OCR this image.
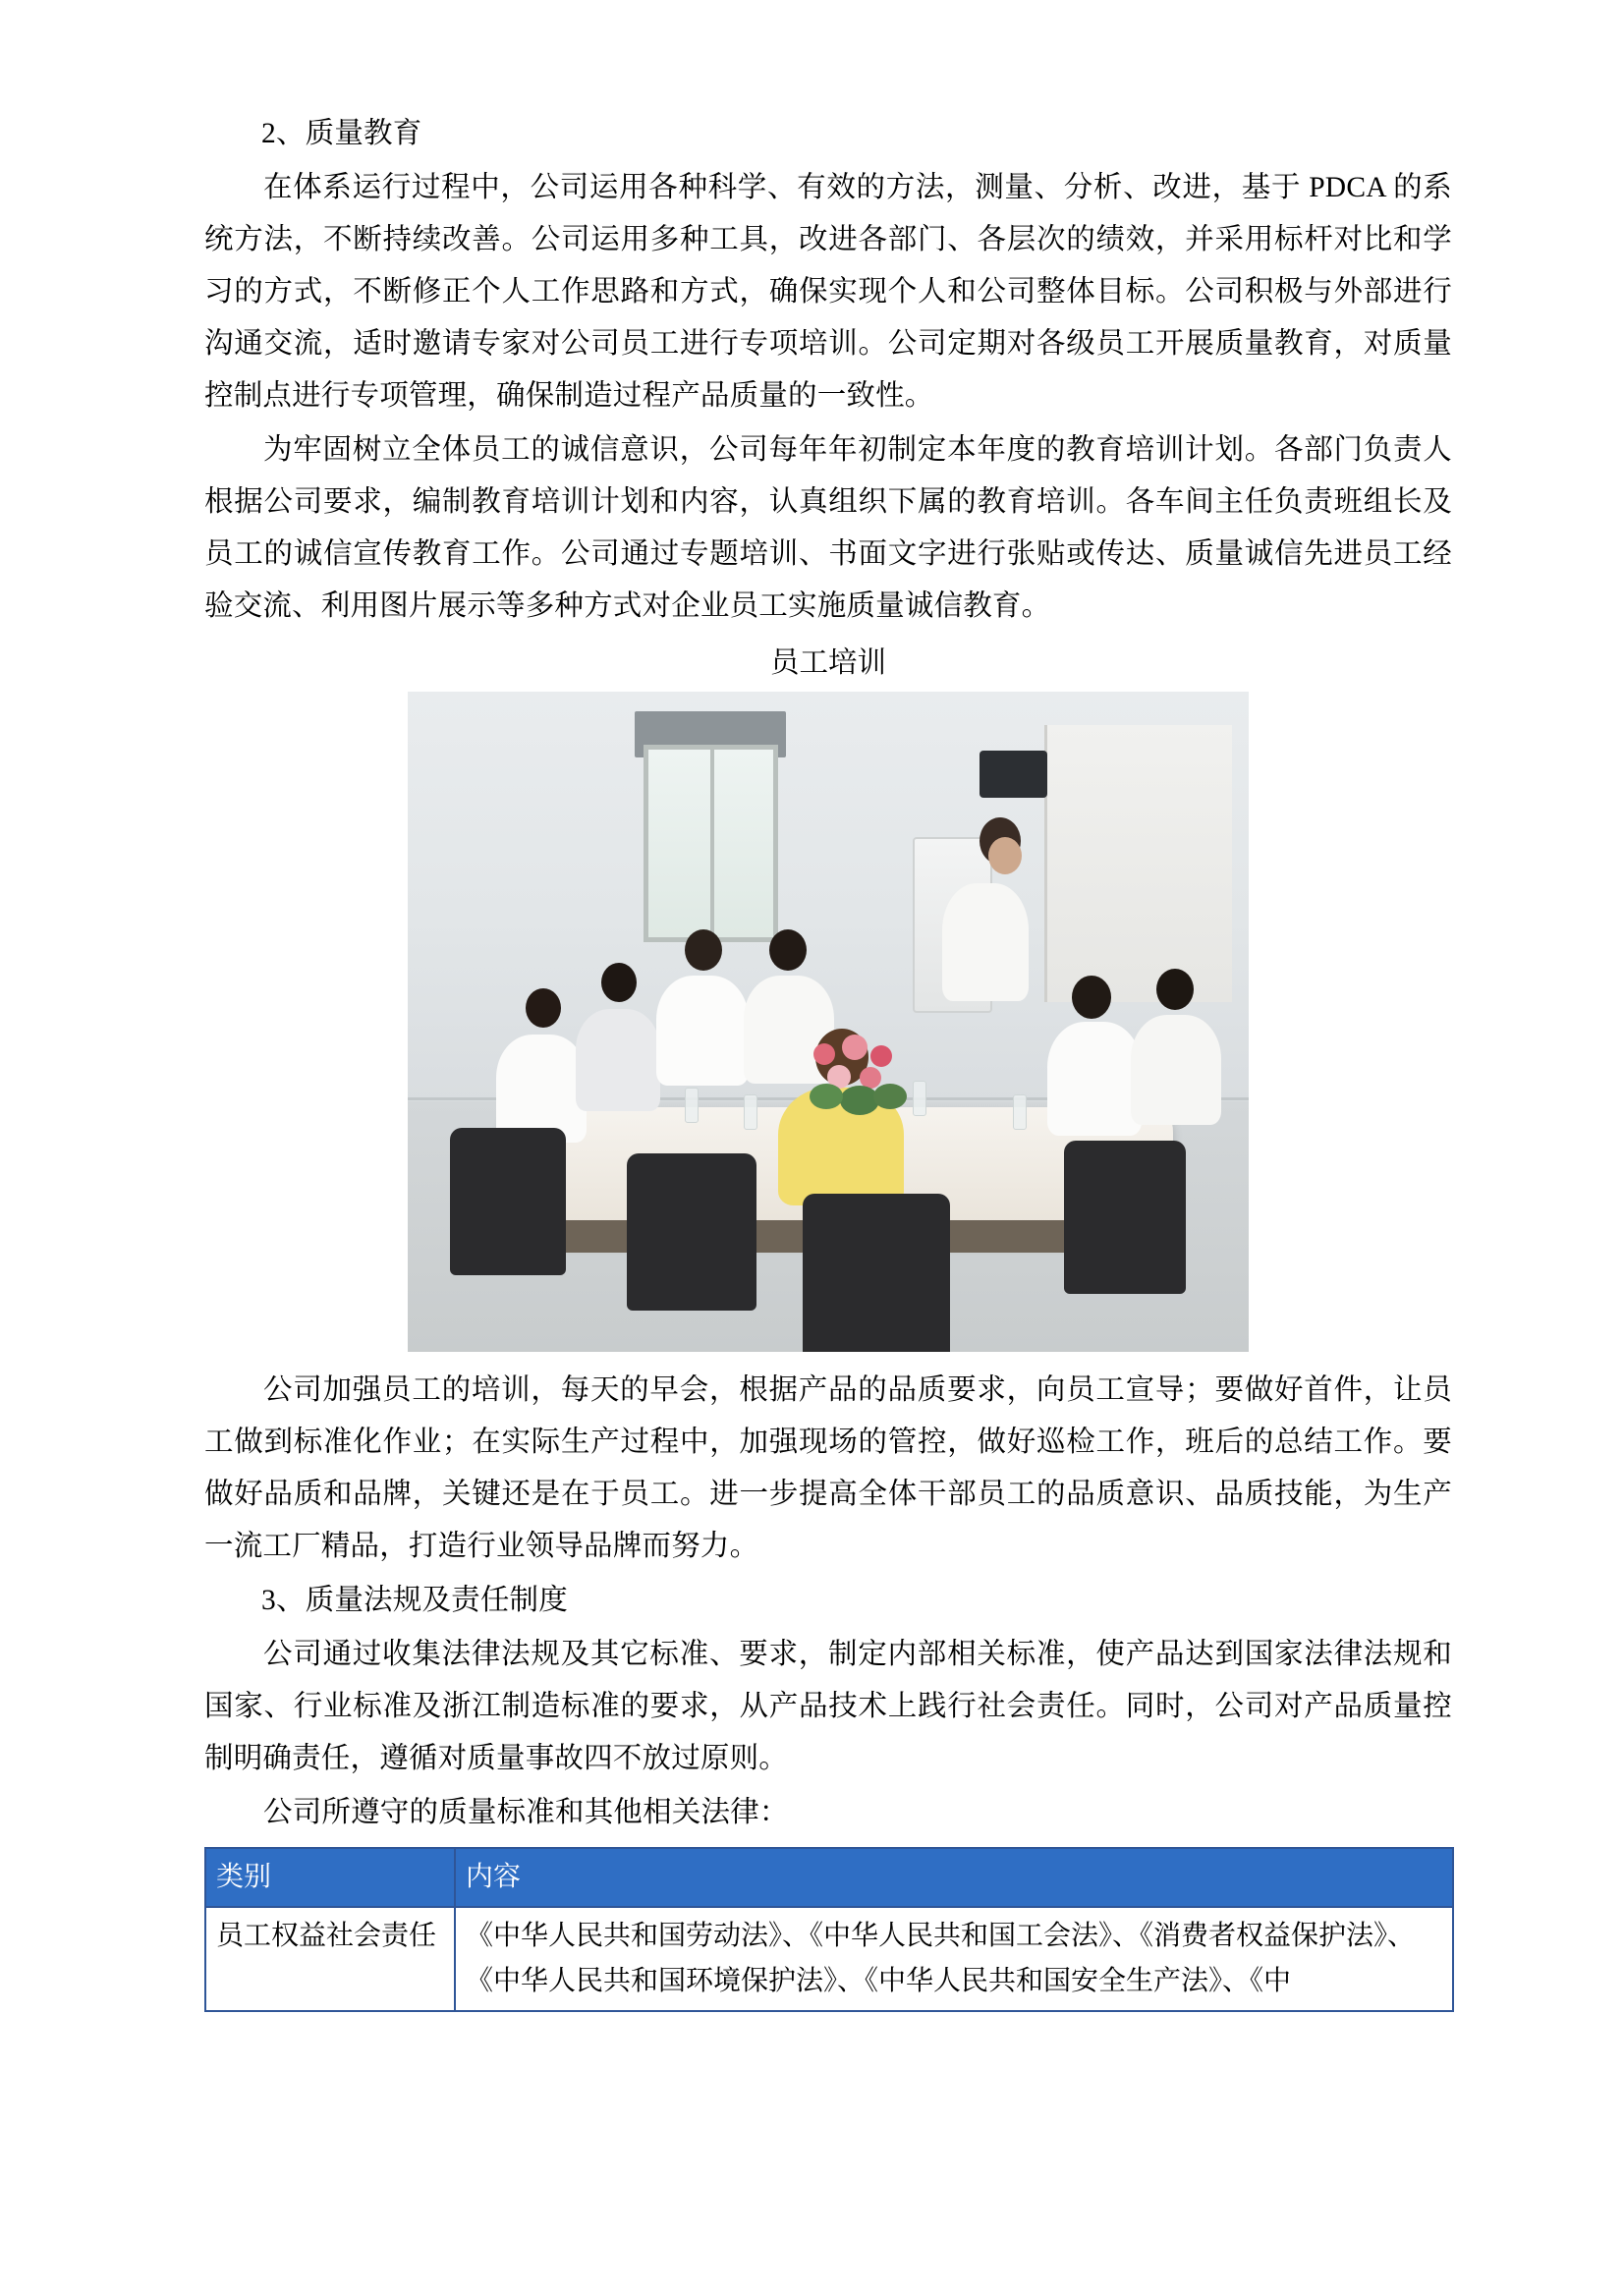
2、质量教育

在体系运行过程中，公司运用各种科学、有效的方法，测量、分析、改进，基于 PDCA 的系统方法，不断持续改善。公司运用多种工具，改进各部门、各层次的绩效，并采用标杆对比和学习的方式，不断修正个人工作思路和方式，确保实现个人和公司整体目标。公司积极与外部进行沟通交流，适时邀请专家对公司员工进行专项培训。公司定期对各级员工开展质量教育，对质量控制点进行专项管理，确保制造过程产品质量的一致性。

为牢固树立全体员工的诚信意识，公司每年年初制定本年度的教育培训计划。各部门负责人根据公司要求，编制教育培训计划和内容，认真组织下属的教育培训。各车间主任负责班组长及员工的诚信宣传教育工作。公司通过专题培训、书面文字进行张贴或传达、质量诚信先进员工经验交流、利用图片展示等多种方式对企业员工实施质量诚信教育。

员工培训

公司加强员工的培训，每天的早会，根据产品的品质要求，向员工宣导；要做好首件，让员工做到标准化作业；在实际生产过程中，加强现场的管控，做好巡检工作，班后的总结工作。要做好品质和品牌，关键还是在于员工。进一步提高全体干部员工的品质意识、品质技能，为生产一流工厂精品，打造行业领导品牌而努力。

3、质量法规及责任制度

公司通过收集法律法规及其它标准、要求，制定内部相关标准，使产品达到国家法律法规和国家、行业标准及浙江制造标准的要求，从产品技术上践行社会责任。同时，公司对产品质量控制明确责任，遵循对质量事故四不放过原则。

公司所遵守的质量标准和其他相关法律：

类别	内容
员工权益社会责任	《中华人民共和国劳动法》、《中华人民共和国工会法》、《消费者权益保护法》、《中华人民共和国环境保护法》、《中华人民共和国安全生产法》、《中
